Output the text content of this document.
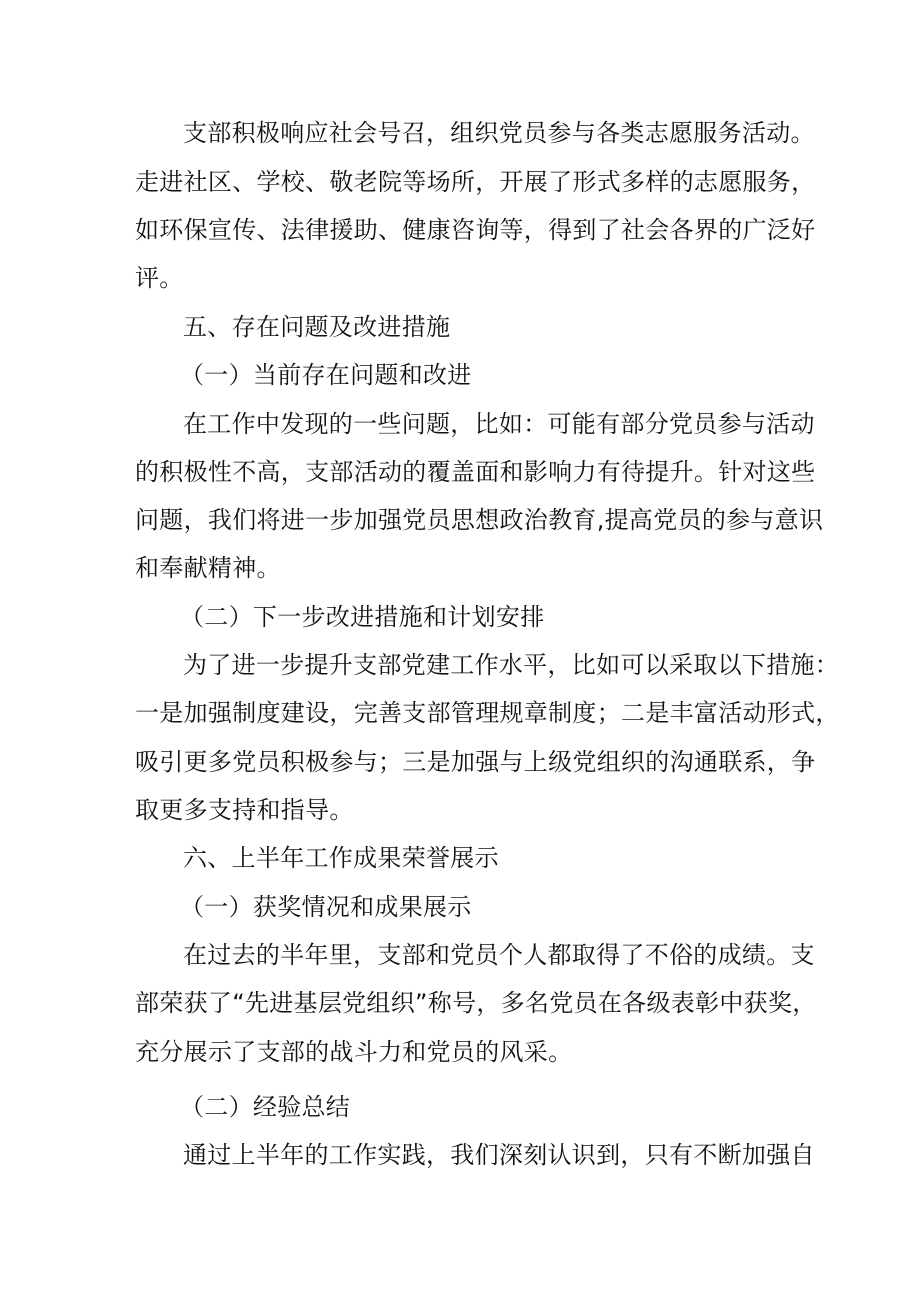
支部积极响应社会号召，组织党员参与各类志愿服务活动。
走进社区、学校、敬老院等场所，开展了形式多样的志愿服务，
如环保宣传、法律援助、健康咨询等，得到了社会各界的广泛好
评。
五、存在问题及改进措施
（一）当前存在问题和改进
在工作中发现的一些问题，比如：可能有部分党员参与活动
的积极性不高，支部活动的覆盖面和影响力有待提升。针对这些
问题，我们将进一步加强党员思想政治教育,提高党员的参与意识
和奉献精神。
（二）下一步改进措施和计划安排
为了进一步提升支部党建工作水平，比如可以采取以下措施：
一是加强制度建设，完善支部管理规章制度；二是丰富活动形式，
吸引更多党员积极参与；三是加强与上级党组织的沟通联系，争
取更多支持和指导。
六、上半年工作成果荣誉展示
（一）获奖情况和成果展示
在过去的半年里，支部和党员个人都取得了不俗的成绩。支
部荣获了“先进基层党组织”称号，多名党员在各级表彰中获奖，
充分展示了支部的战斗力和党员的风采。
（二）经验总结
通过上半年的工作实践，我们深刻认识到，只有不断加强自
